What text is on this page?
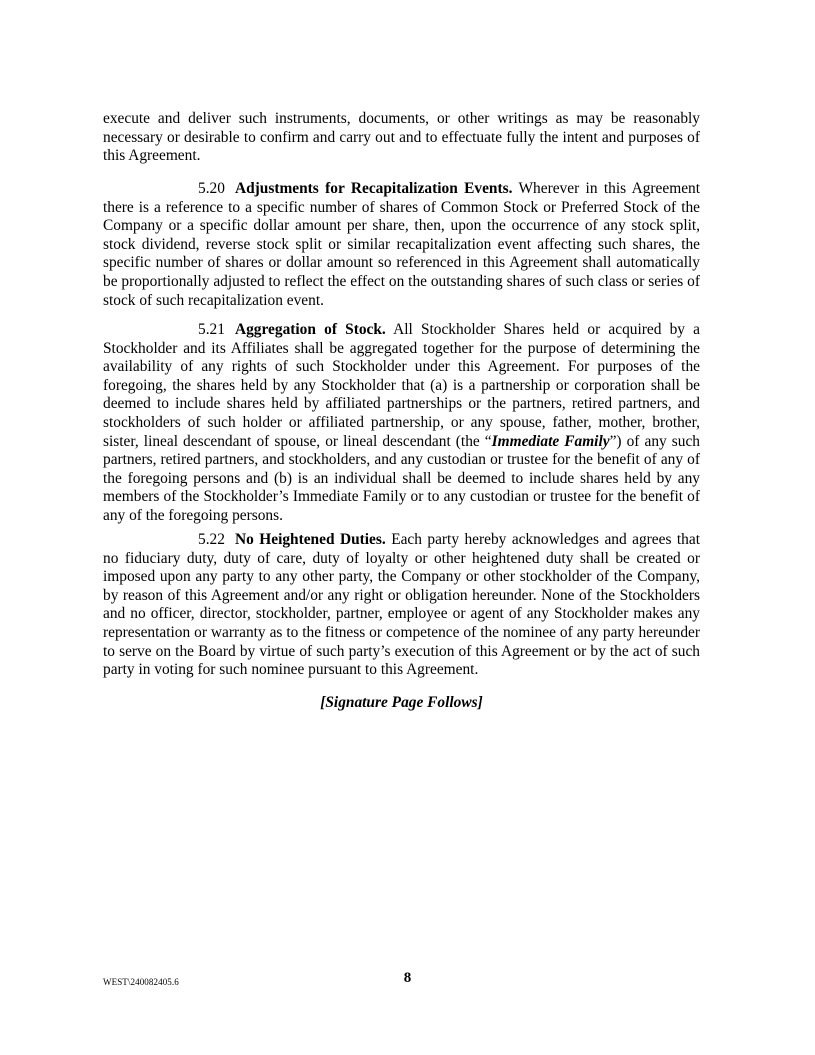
execute and deliver such instruments, documents, or other writings as may be reasonably necessary or desirable to confirm and carry out and to effectuate fully the intent and purposes of this Agreement.

5.20 Adjustments for Recapitalization Events. Wherever in this Agreement there is a reference to a specific number of shares of Common Stock or Preferred Stock of the Company or a specific dollar amount per share, then, upon the occurrence of any stock split, stock dividend, reverse stock split or similar recapitalization event affecting such shares, the specific number of shares or dollar amount so referenced in this Agreement shall automatically be proportionally adjusted to reflect the effect on the outstanding shares of such class or series of stock of such recapitalization event.

5.21 Aggregation of Stock. All Stockholder Shares held or acquired by a Stockholder and its Affiliates shall be aggregated together for the purpose of determining the availability of any rights of such Stockholder under this Agreement. For purposes of the foregoing, the shares held by any Stockholder that (a) is a partnership or corporation shall be deemed to include shares held by affiliated partnerships or the partners, retired partners, and stockholders of such holder or affiliated partnership, or any spouse, father, mother, brother, sister, lineal descendant of spouse, or lineal descendant (the “Immediate Family”) of any such partners, retired partners, and stockholders, and any custodian or trustee for the benefit of any of the foregoing persons and (b) is an individual shall be deemed to include shares held by any members of the Stockholder’s Immediate Family or to any custodian or trustee for the benefit of any of the foregoing persons.

5.22 No Heightened Duties. Each party hereby acknowledges and agrees that no fiduciary duty, duty of care, duty of loyalty or other heightened duty shall be created or imposed upon any party to any other party, the Company or other stockholder of the Company, by reason of this Agreement and/or any right or obligation hereunder. None of the Stockholders and no officer, director, stockholder, partner, employee or agent of any Stockholder makes any representation or warranty as to the fitness or competence of the nominee of any party hereunder to serve on the Board by virtue of such party’s execution of this Agreement or by the act of such party in voting for such nominee pursuant to this Agreement.

[Signature Page Follows]

8

WEST\240082405.6
